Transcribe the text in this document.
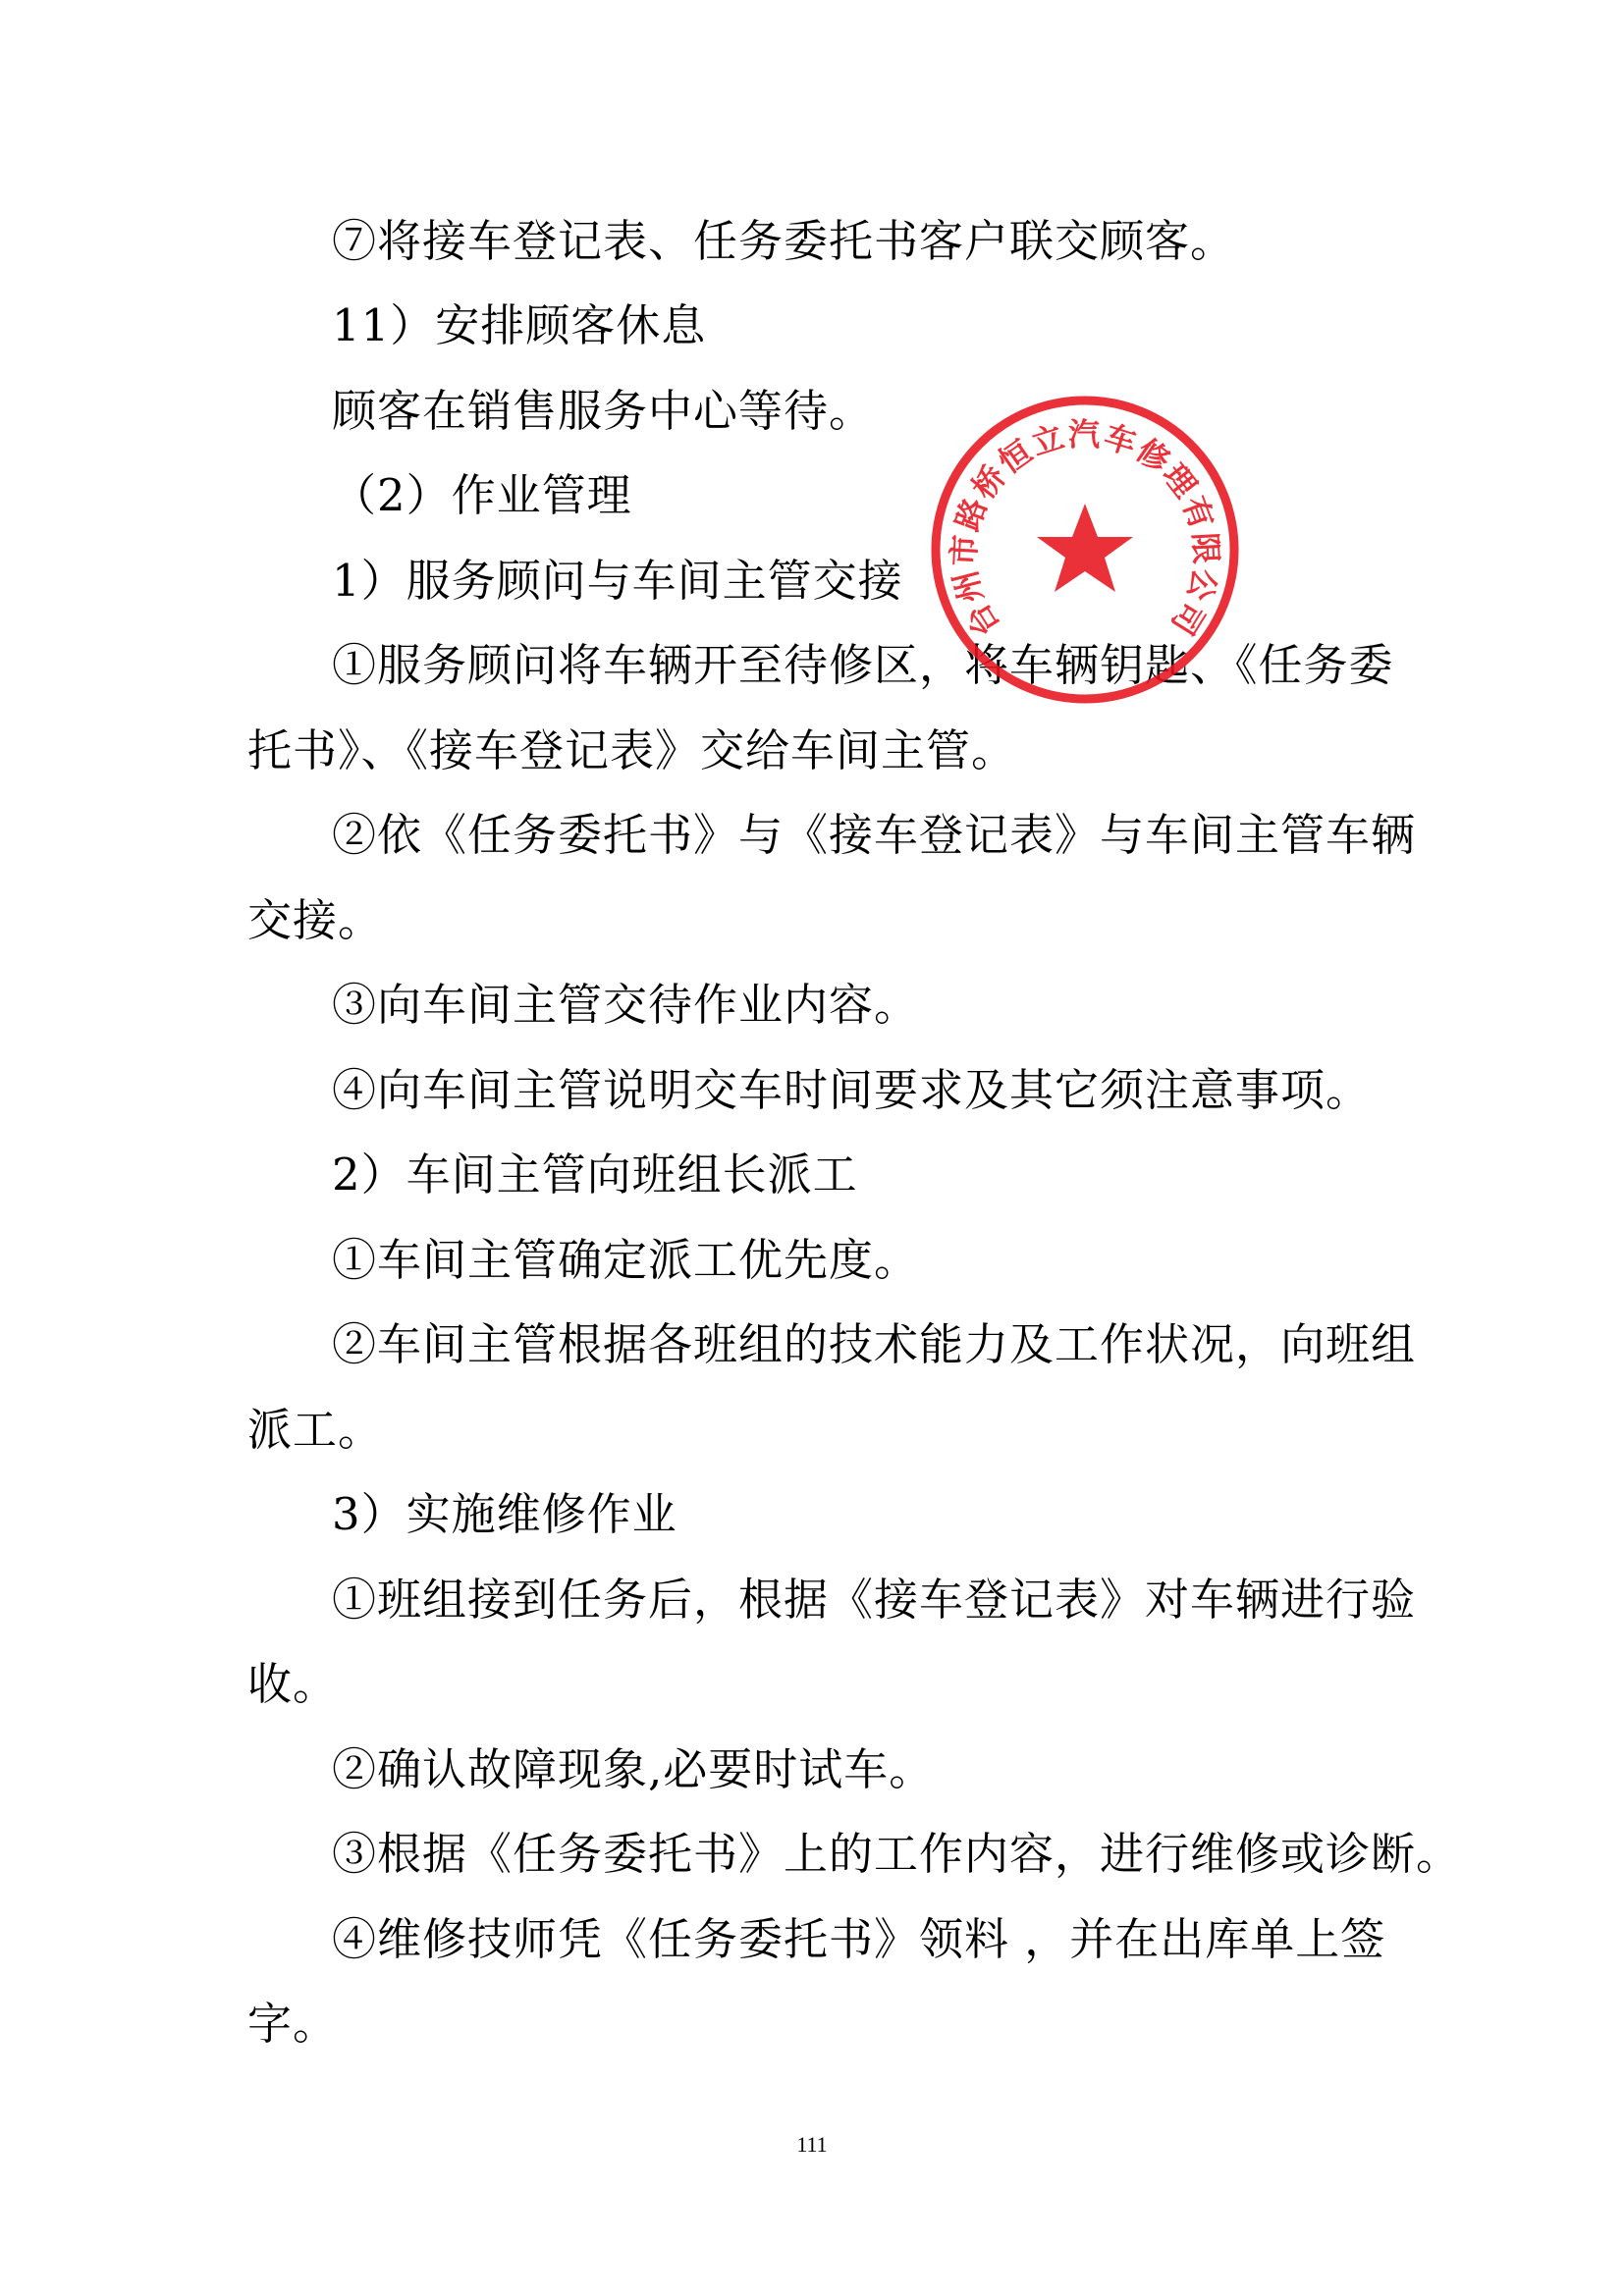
⑦将接车登记表、任务委托书客户联交顾客。

11）安排顾客休息

顾客在销售服务中心等待。

（2）作业管理

1）服务顾问与车间主管交接

①服务顾问将车辆开至待修区，将车辆钥匙、《任务委

托书》、《接车登记表》交给车间主管。

②依《任务委托书》与《接车登记表》与车间主管车辆

交接。

③向车间主管交待作业内容。

④向车间主管说明交车时间要求及其它须注意事项。

2）车间主管向班组长派工

①车间主管确定派工优先度。

②车间主管根据各班组的技术能力及工作状况，向班组

派工。

3）实施维修作业

①班组接到任务后，根据《接车登记表》对车辆进行验

收。

②确认故障现象,必要时试车。

③根据《任务委托书》上的工作内容，进行维修或诊断。

④维修技师凭《任务委托书》领料 ，并在出库单上签

字。

111
台州市路桥恒立汽车修理有限公司
